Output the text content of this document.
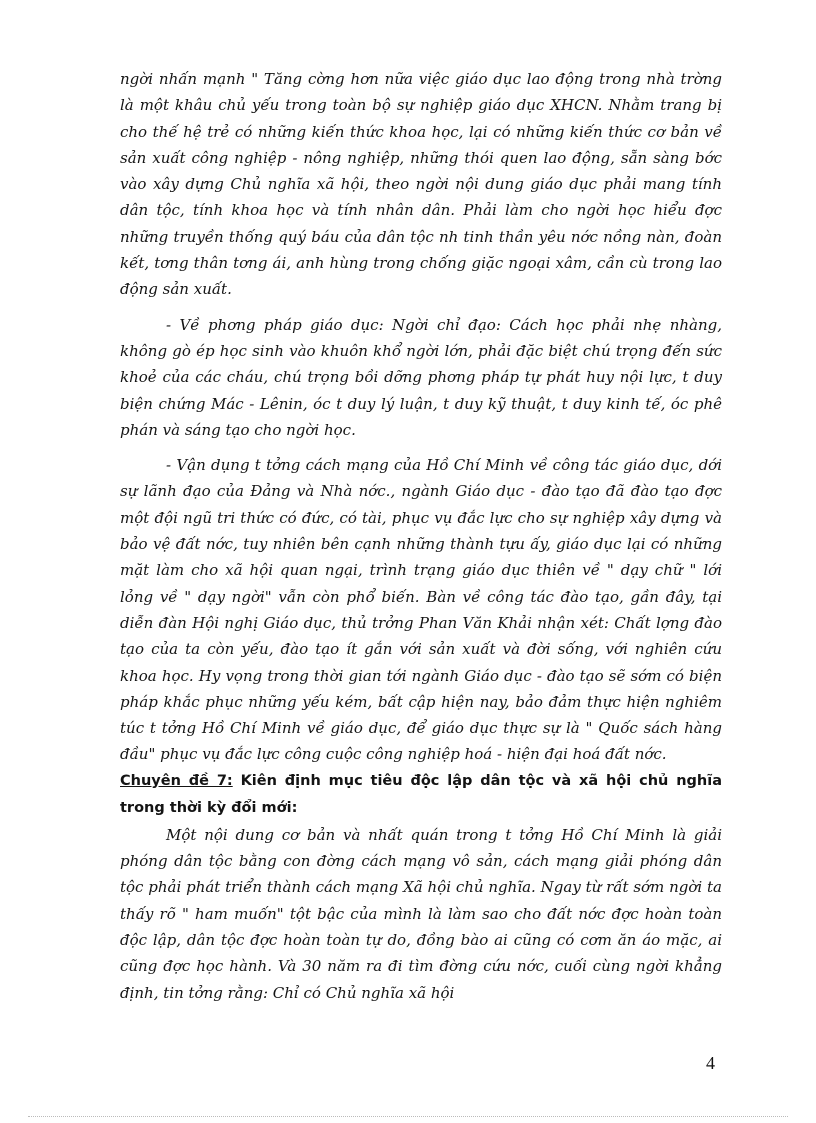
ngời nhấn mạnh " Tăng cờng hơn nữa việc giáo dục lao động trong nhà trờng là một khâu chủ yếu trong toàn bộ sự nghiệp giáo dục XHCN. Nhằm trang bị cho thế hệ trẻ có những kiến thức khoa học, lại có những kiến thức cơ bản về sản xuất công nghiệp - nông nghiệp, những thói quen lao động, sẵn sàng bớc vào xây dựng Chủ nghĩa xã hội, theo ngời nội dung giáo dục phải mang tính dân tộc, tính khoa học và tính nhân dân. Phải làm cho ngời học hiểu đợc những truyền thống quý báu của dân tộc nh tinh thần yêu nớc nồng nàn, đoàn kết, tơng thân tơng ái, anh hùng trong chống giặc ngoại xâm, cần cù trong lao động sản xuất.

- Về phơng pháp giáo dục: Ngời chỉ đạo: Cách học phải nhẹ nhàng, không gò ép học sinh vào khuôn khổ ngời lớn, phải đặc biệt chú trọng đến sức khoẻ của các cháu, chú trọng bồi dỡng phơng pháp tự phát huy nội lực, t duy biện chứng Mác - Lênin, óc t duy lý luận, t duy kỹ thuật, t duy kinh tế, óc phê phán và sáng tạo cho ngời học.

- Vận dụng t tởng cách mạng của Hồ Chí Minh về công tác giáo dục, dới sự lãnh đạo của Đảng và Nhà nớc., ngành Giáo dục - đào tạo đã đào tạo đợc một đội ngũ tri thức có đức, có tài, phục vụ đắc lực cho sự nghiệp xây dựng và bảo vệ đất nớc, tuy nhiên bên cạnh những thành tựu ấy, giáo dục lại có những mặt làm cho xã hội quan ngại, trình trạng giáo dục thiên về " dạy chữ " lới lỏng về " dạy ngời" vẫn còn phổ biến. Bàn về công tác đào tạo, gần đây, tại diễn đàn Hội nghị Giáo dục, thủ trởng Phan Văn Khải nhận xét: Chất lợng đào tạo của ta còn yếu, đào tạo ít gắn với sản xuất và đời sống, với nghiên cứu khoa học. Hy vọng trong thời gian tới ngành Giáo dục - đào tạo sẽ sớm có biện pháp khắc phục những yếu kém, bất cập hiện nay, bảo đảm thực hiện nghiêm túc t tởng Hồ Chí Minh về giáo dục, để giáo dục thực sự là " Quốc sách hàng đầu" phục vụ đắc lực công cuộc công nghiệp hoá - hiện đại hoá đất nớc.

Chuyên đề 7: Kiên định mục tiêu độc lập dân tộc và xã hội chủ nghĩa trong thời kỳ đổi mới:

Một nội dung cơ bản và nhất quán trong t tởng Hồ Chí Minh là giải phóng dân tộc bằng con đờng cách mạng vô sản, cách mạng giải phóng dân tộc phải phát triển thành cách mạng Xã hội chủ nghĩa. Ngay từ rất sớm ngời ta thấy rõ " ham muốn" tột bậc của mình là làm sao cho đất nớc đợc hoàn toàn độc lập, dân tộc đợc hoàn toàn tự do, đồng bào ai cũng có cơm ăn áo mặc, ai cũng đợc học hành. Và 30 năm ra đi tìm đờng cứu nớc, cuối cùng ngời khẳng định, tin tởng rằng: Chỉ có Chủ nghĩa xã hội

4
